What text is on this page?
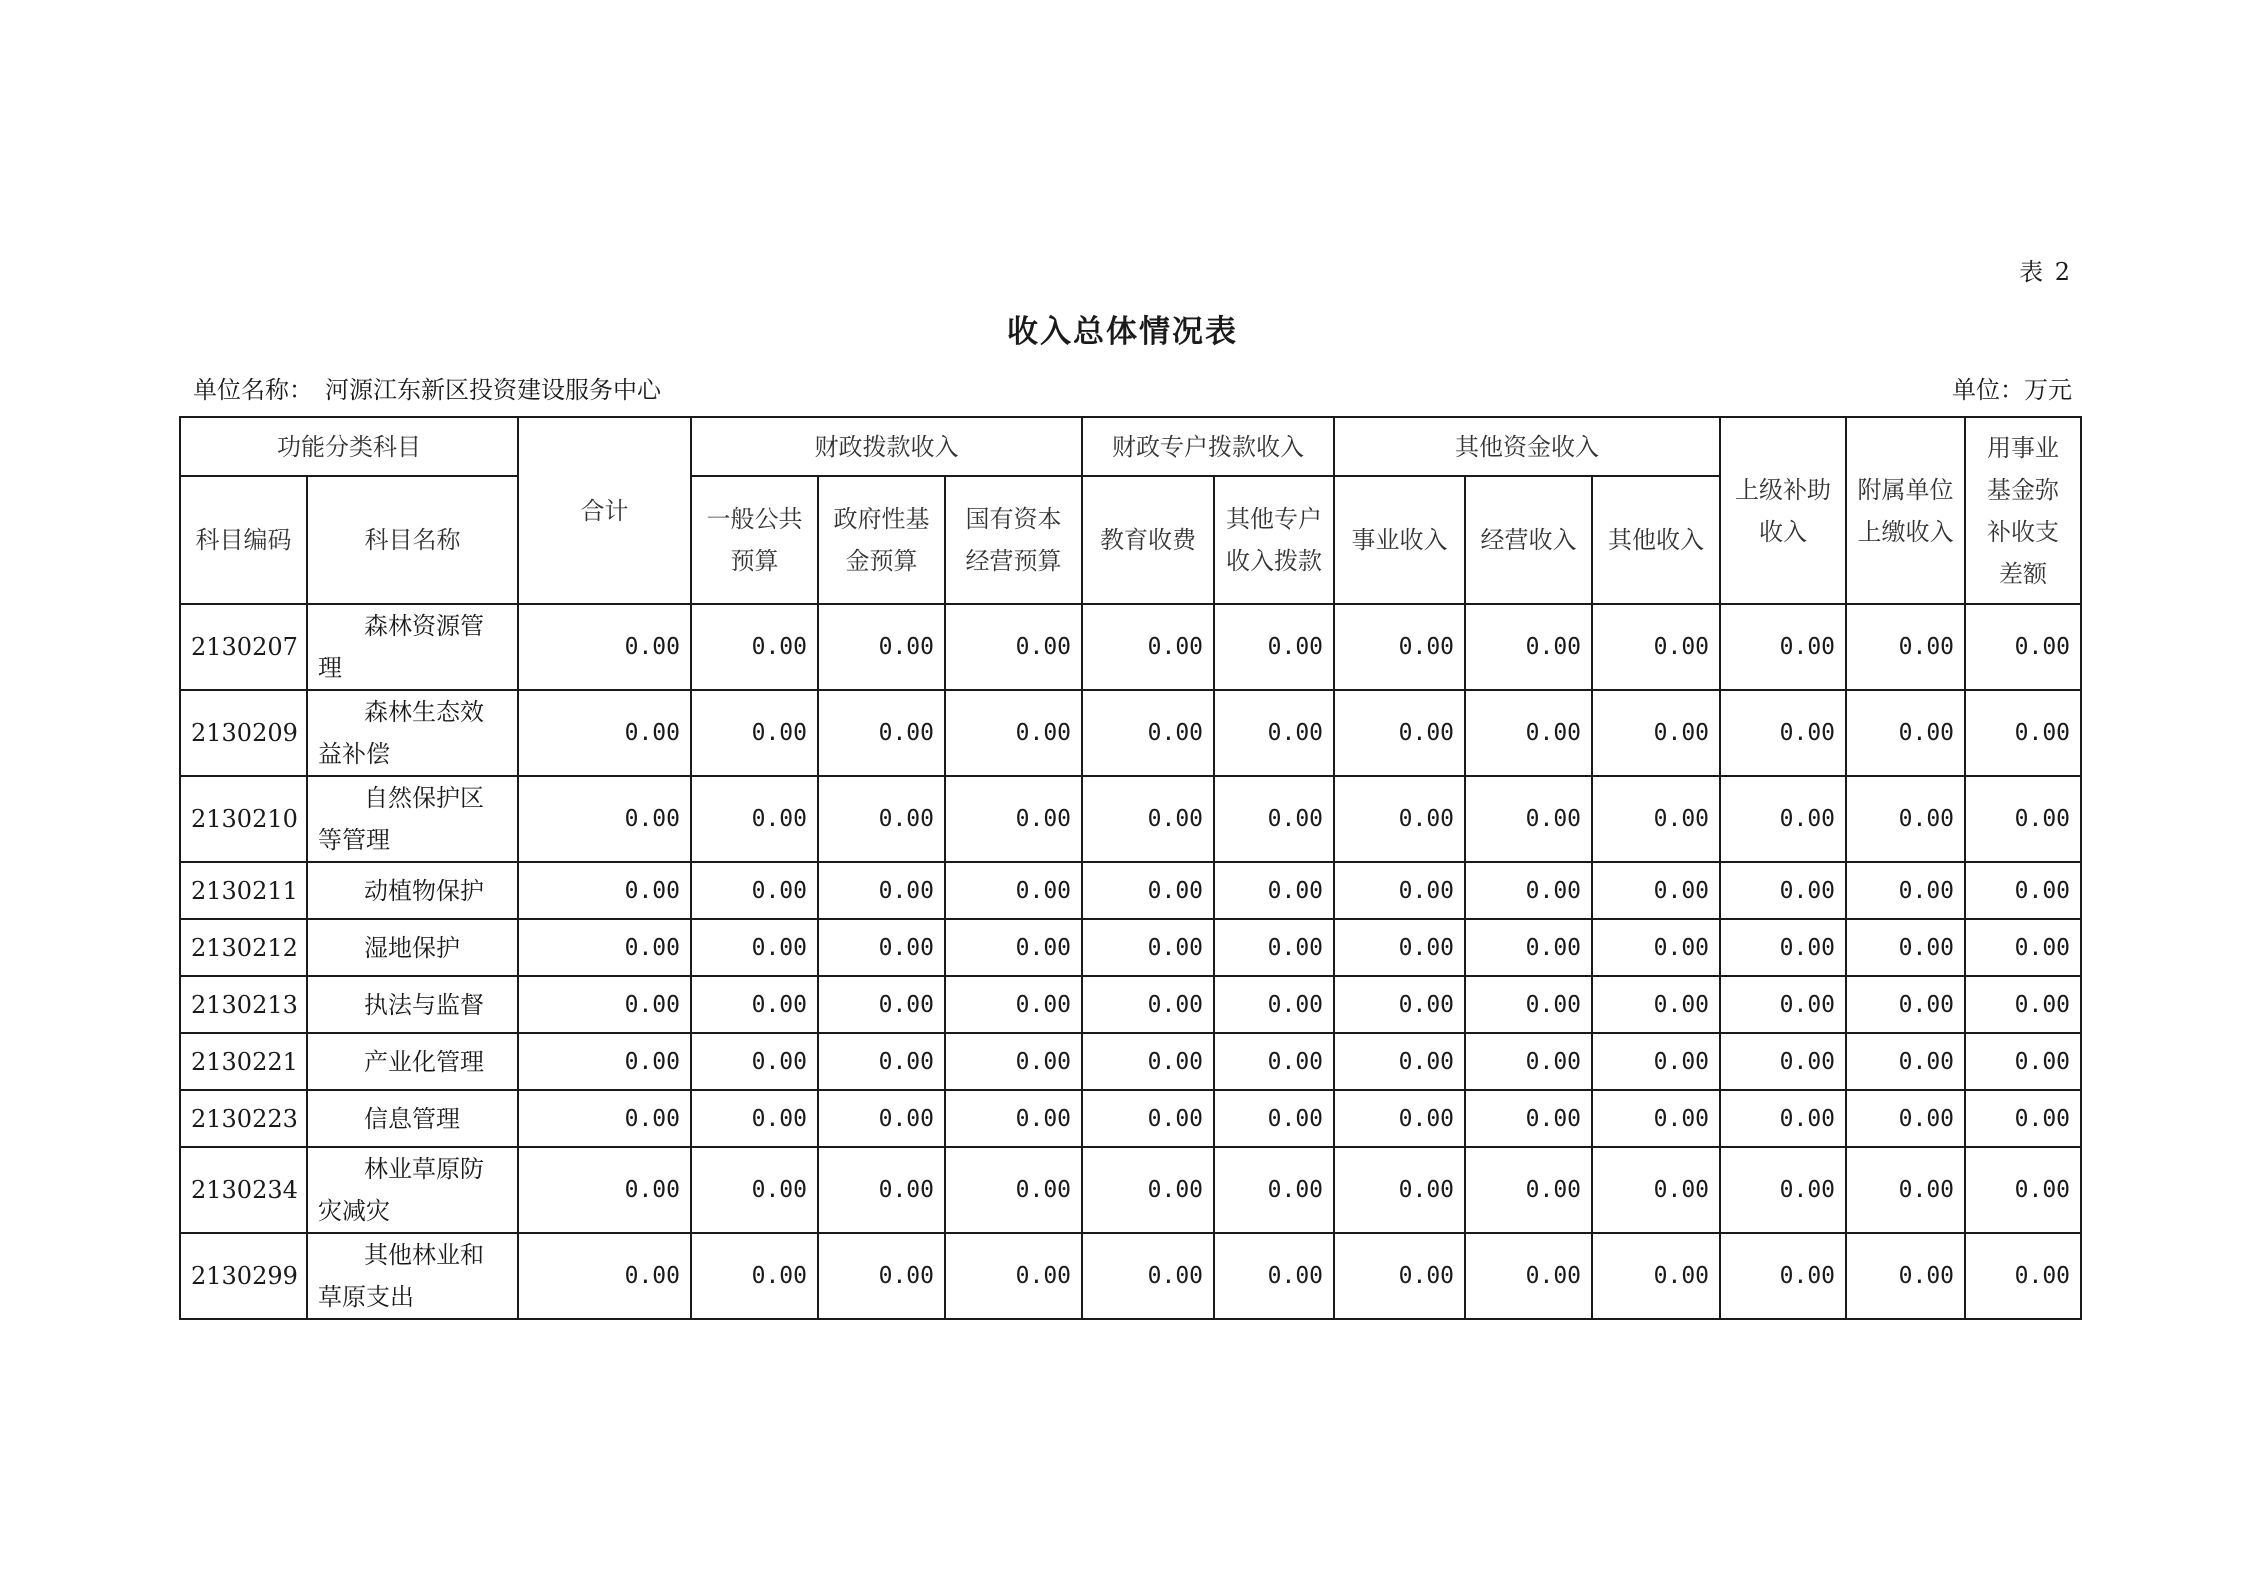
表 2
收入总体情况表
单位名称： 河源江东新区投资建设服务中心	单位：万元
功能分类科目		合计	财政拨款收入			财政专户拨款收入		其他资金收入			上级补助收入	附属单位上缴收入	用事业基金弥补收支差额
科目编码	科目名称		一般公共预算	政府性基金预算	国有资本经营预算	教育收费	其他专户收入拨款	事业收入	经营收入	其他收入			
2130207	森林资源管理	0.00	0.00	0.00	0.00	0.00	0.00	0.00	0.00	0.00	0.00	0.00	0.00
2130209	森林生态效益补偿	0.00	0.00	0.00	0.00	0.00	0.00	0.00	0.00	0.00	0.00	0.00	0.00
2130210	自然保护区等管理	0.00	0.00	0.00	0.00	0.00	0.00	0.00	0.00	0.00	0.00	0.00	0.00
2130211	动植物保护	0.00	0.00	0.00	0.00	0.00	0.00	0.00	0.00	0.00	0.00	0.00	0.00
2130212	湿地保护	0.00	0.00	0.00	0.00	0.00	0.00	0.00	0.00	0.00	0.00	0.00	0.00
2130213	执法与监督	0.00	0.00	0.00	0.00	0.00	0.00	0.00	0.00	0.00	0.00	0.00	0.00
2130221	产业化管理	0.00	0.00	0.00	0.00	0.00	0.00	0.00	0.00	0.00	0.00	0.00	0.00
2130223	信息管理	0.00	0.00	0.00	0.00	0.00	0.00	0.00	0.00	0.00	0.00	0.00	0.00
2130234	林业草原防灾减灾	0.00	0.00	0.00	0.00	0.00	0.00	0.00	0.00	0.00	0.00	0.00	0.00
2130299	其他林业和草原支出	0.00	0.00	0.00	0.00	0.00	0.00	0.00	0.00	0.00	0.00	0.00	0.00
